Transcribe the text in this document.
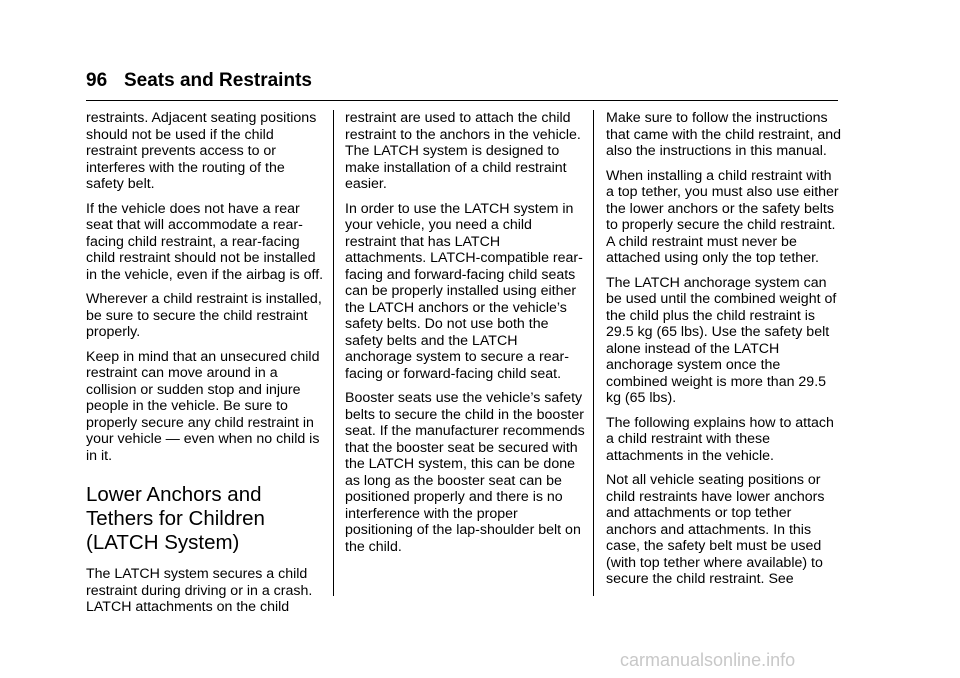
96 Seats and Restraints

restraints. Adjacent seating positions should not be used if the child restraint prevents access to or interferes with the routing of the safety belt.

If the vehicle does not have a rear seat that will accommodate a rear-facing child restraint, a rear-facing child restraint should not be installed in the vehicle, even if the airbag is off.

Wherever a child restraint is installed, be sure to secure the child restraint properly.

Keep in mind that an unsecured child restraint can move around in a collision or sudden stop and injure people in the vehicle. Be sure to properly secure any child restraint in your vehicle — even when no child is in it.

Lower Anchors and Tethers for Children (LATCH System)

The LATCH system secures a child restraint during driving or in a crash. LATCH attachments on the child

restraint are used to attach the child restraint to the anchors in the vehicle. The LATCH system is designed to make installation of a child restraint easier.

In order to use the LATCH system in your vehicle, you need a child restraint that has LATCH attachments. LATCH-compatible rear-facing and forward-facing child seats can be properly installed using either the LATCH anchors or the vehicle’s safety belts. Do not use both the safety belts and the LATCH anchorage system to secure a rear-facing or forward-facing child seat.

Booster seats use the vehicle’s safety belts to secure the child in the booster seat. If the manufacturer recommends that the booster seat be secured with the LATCH system, this can be done as long as the booster seat can be positioned properly and there is no interference with the proper positioning of the lap-shoulder belt on the child.

Make sure to follow the instructions that came with the child restraint, and also the instructions in this manual.

When installing a child restraint with a top tether, you must also use either the lower anchors or the safety belts to properly secure the child restraint. A child restraint must never be attached using only the top tether.

The LATCH anchorage system can be used until the combined weight of the child plus the child restraint is 29.5 kg (65 lbs). Use the safety belt alone instead of the LATCH anchorage system once the combined weight is more than 29.5 kg (65 lbs).

The following explains how to attach a child restraint with these attachments in the vehicle.

Not all vehicle seating positions or child restraints have lower anchors and attachments or top tether anchors and attachments. In this case, the safety belt must be used (with top tether where available) to secure the child restraint. See

carmanualsonline.info
